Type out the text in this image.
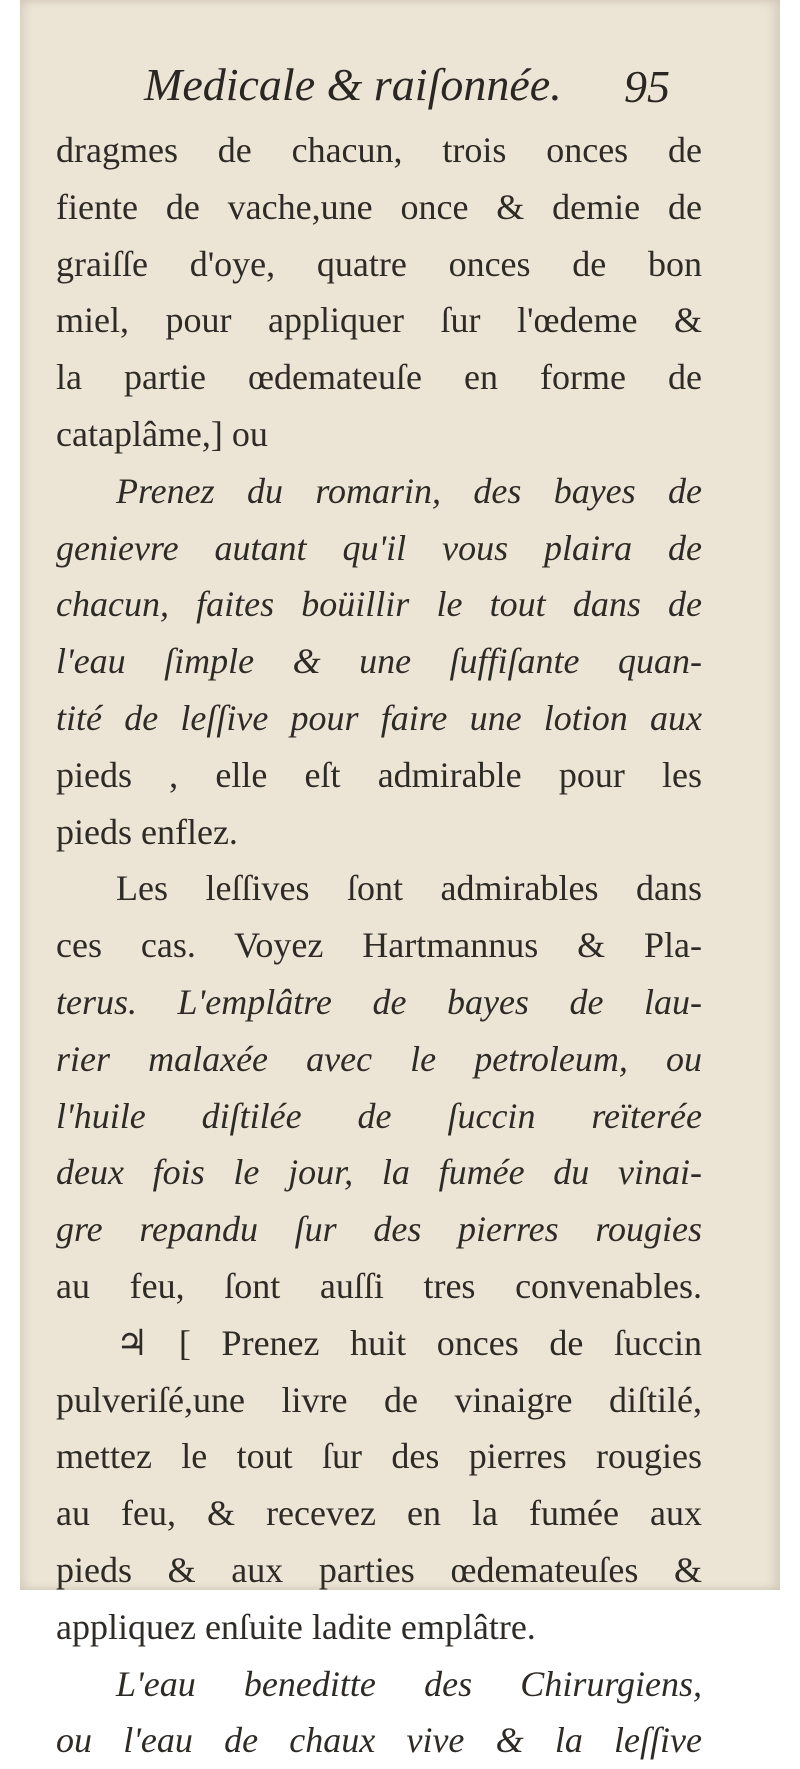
Medicale & raiſonnée. 95
dragmes de chacun, trois onces de
fiente de vache,une once & demie de
graiſſe d'oye, quatre onces de bon
miel, pour appliquer ſur l'œdeme &
la partie œdemateuſe en forme de
cataplâme,] ou
Prenez du romarin, des bayes de
genievre autant qu'il vous plaira de
chacun, faites boüillir le tout dans de
l'eau ſimple & une ſuffiſante quan-
tité de leſſive pour faire une lotion aux
pieds , elle eſt admirable pour les
pieds enflez.
Les leſſives ſont admirables dans
ces cas. Voyez Hartmannus & Pla-
terus. L'emplâtre de bayes de lau-
rier malaxée avec le petroleum, ou
l'huile diſtilée de ſuccin reïterée
deux fois le jour, la fumée du vinai-
gre repandu ſur des pierres rougies
au feu, ſont auſſi tres convenables.
♃ [ Prenez huit onces de ſuccin
pulveriſé,une livre de vinaigre diſtilé,
mettez le tout ſur des pierres rougies
au feu, & recevez en la fumée aux
pieds & aux parties œdemateuſes &
appliquez enſuite ladite emplâtre.
L'eau beneditte des Chirurgiens,
ou l'eau de chaux vive & la leſſive
